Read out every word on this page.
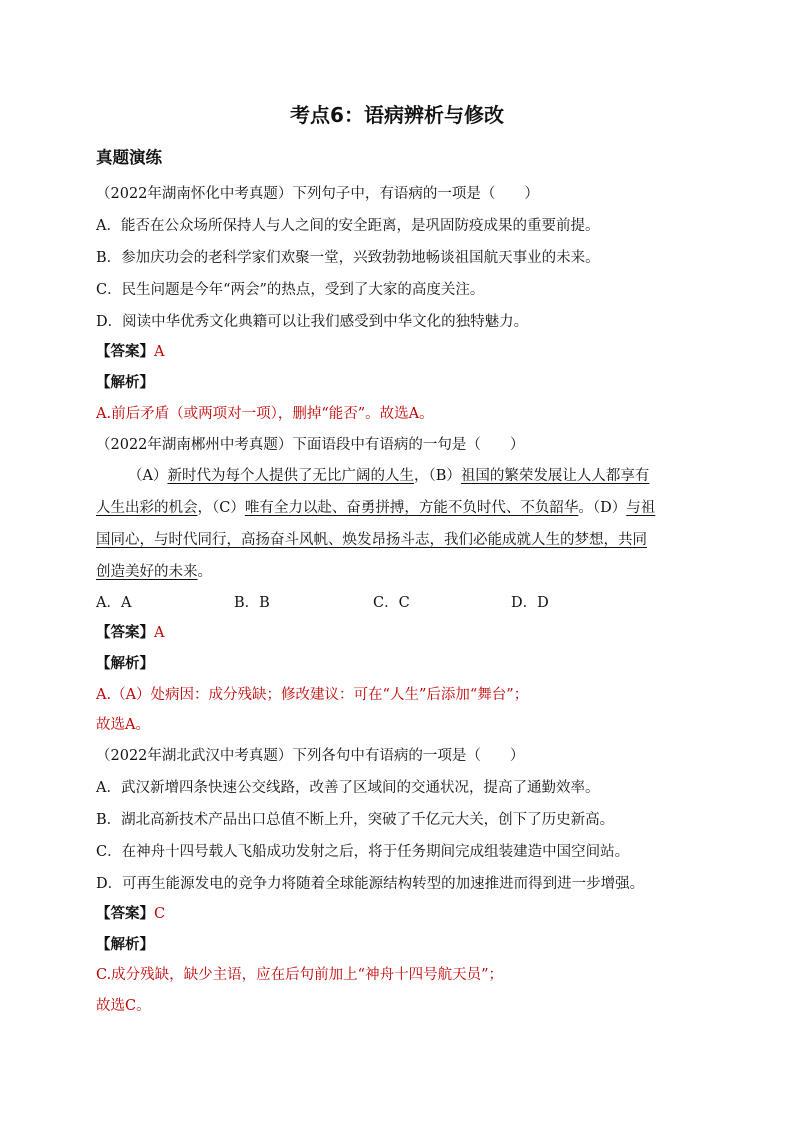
考点6：语病辨析与修改
真题演练
（2022年湖南怀化中考真题）下列句子中，有语病的一项是（　　）
A．能否在公众场所保持人与人之间的安全距离，是巩固防疫成果的重要前提。
B．参加庆功会的老科学家们欢聚一堂，兴致勃勃地畅谈祖国航天事业的未来。
C．民生问题是今年“两会”的热点，受到了大家的高度关注。
D．阅读中华优秀文化典籍可以让我们感受到中华文化的独特魅力。
【答案】A
【解析】
A.前后矛盾（或两项对一项），删掉“能否”。故选A。
（2022年湖南郴州中考真题）下面语段中有语病的一句是（　　）
（A）新时代为每个人提供了无比广阔的人生，（B）祖国的繁荣发展让人人都享有
人生出彩的机会，（C）唯有全力以赴、奋勇拼搏，方能不负时代、不负韶华。（D）与祖
国同心，与时代同行，高扬奋斗风帆、焕发昂扬斗志，我们必能成就人生的梦想，共同
创造美好的未来。
A．A	B．B	C．C	D．D
【答案】A
【解析】
A.（A）处病因：成分残缺；修改建议：可在“人生”后添加“舞台”；
故选A。
（2022年湖北武汉中考真题）下列各句中有语病的一项是（　　）
A．武汉新增四条快速公交线路，改善了区域间的交通状况，提高了通勤效率。
B．湖北高新技术产品出口总值不断上升，突破了千亿元大关，创下了历史新高。
C．在神舟十四号载人飞船成功发射之后，将于任务期间完成组装建造中国空间站。
D．可再生能源发电的竞争力将随着全球能源结构转型的加速推进而得到进一步增强。
【答案】C
【解析】
C.成分残缺，缺少主语，应在后句前加上“神舟十四号航天员”；
故选C。
